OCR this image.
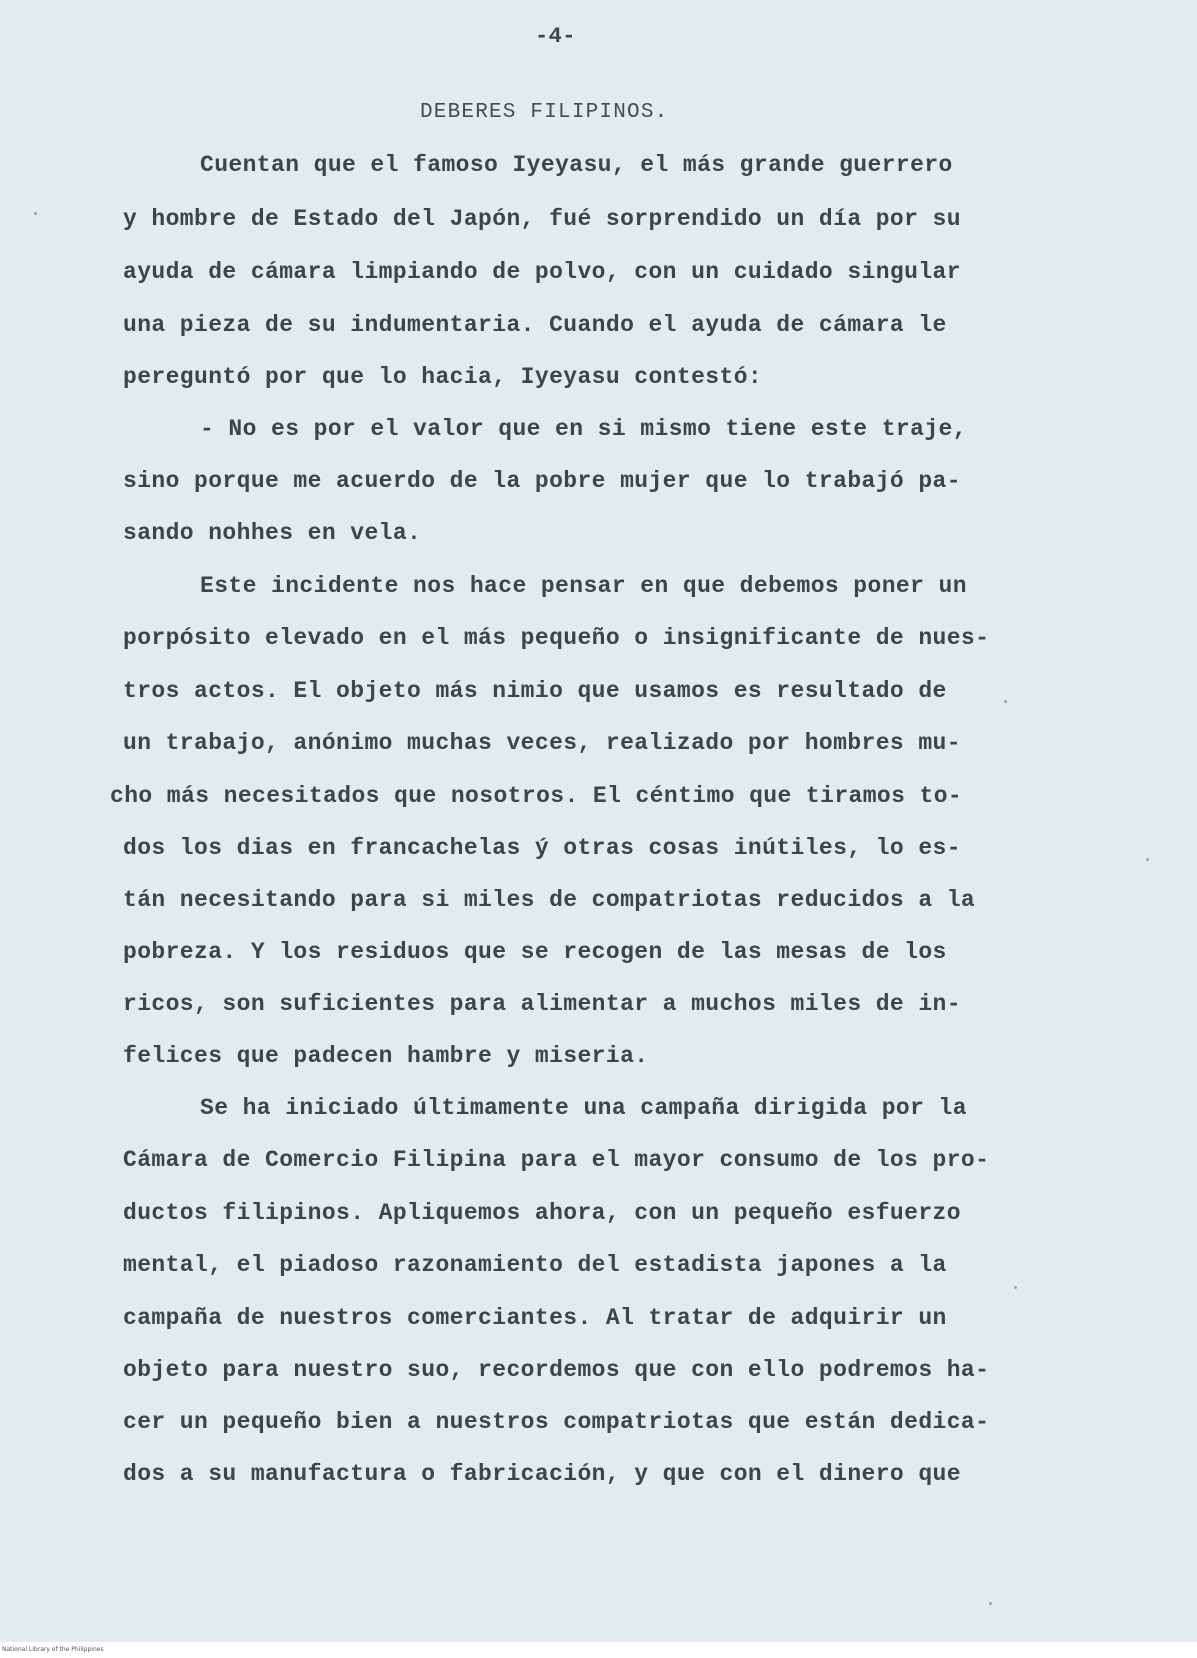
-4-

DEBERES FILIPINOS.

Cuentan que el famoso Iyeyasu, el más grande guerrero

y hombre de Estado del Japón, fué sorprendido un día por su

ayuda de cámara limpiando de polvo, con un cuidado singular

una pieza de su indumentaria. Cuando el ayuda de cámara le

pereguntó por que lo hacia, Iyeyasu contestó:

- No es por el valor que en si mismo tiene este traje,

sino porque me acuerdo de la pobre mujer que lo trabajó pa-

sando nohhes en vela.

Este incidente nos hace pensar en que debemos poner un

porpósito elevado en el más pequeño o insignificante de nues-

tros actos. El objeto más nimio que usamos es resultado de

un trabajo, anónimo muchas veces, realizado por hombres mu-

cho más necesitados que nosotros. El céntimo que tiramos to-

dos los dias en francachelas ý otras cosas inútiles, lo es-

tán necesitando para si miles de compatriotas reducidos a la

pobreza. Y los residuos que se recogen de las mesas de los

ricos, son suficientes para alimentar a muchos miles de in-

felices que padecen hambre y miseria.

Se ha iniciado últimamente una campaña dirigida por la

Cámara de Comercio Filipina para el mayor consumo de los pro-

ductos filipinos. Apliquemos ahora, con un pequeño esfuerzo

mental, el piadoso razonamiento del estadista japones a la

campaña de nuestros comerciantes. Al tratar de adquirir un

objeto para nuestro suo, recordemos que con ello podremos ha-

cer un pequeño bien a nuestros compatriotas que están dedica-

dos a su manufactura o fabricación, y que con el dinero que

National Library of the Philippines
